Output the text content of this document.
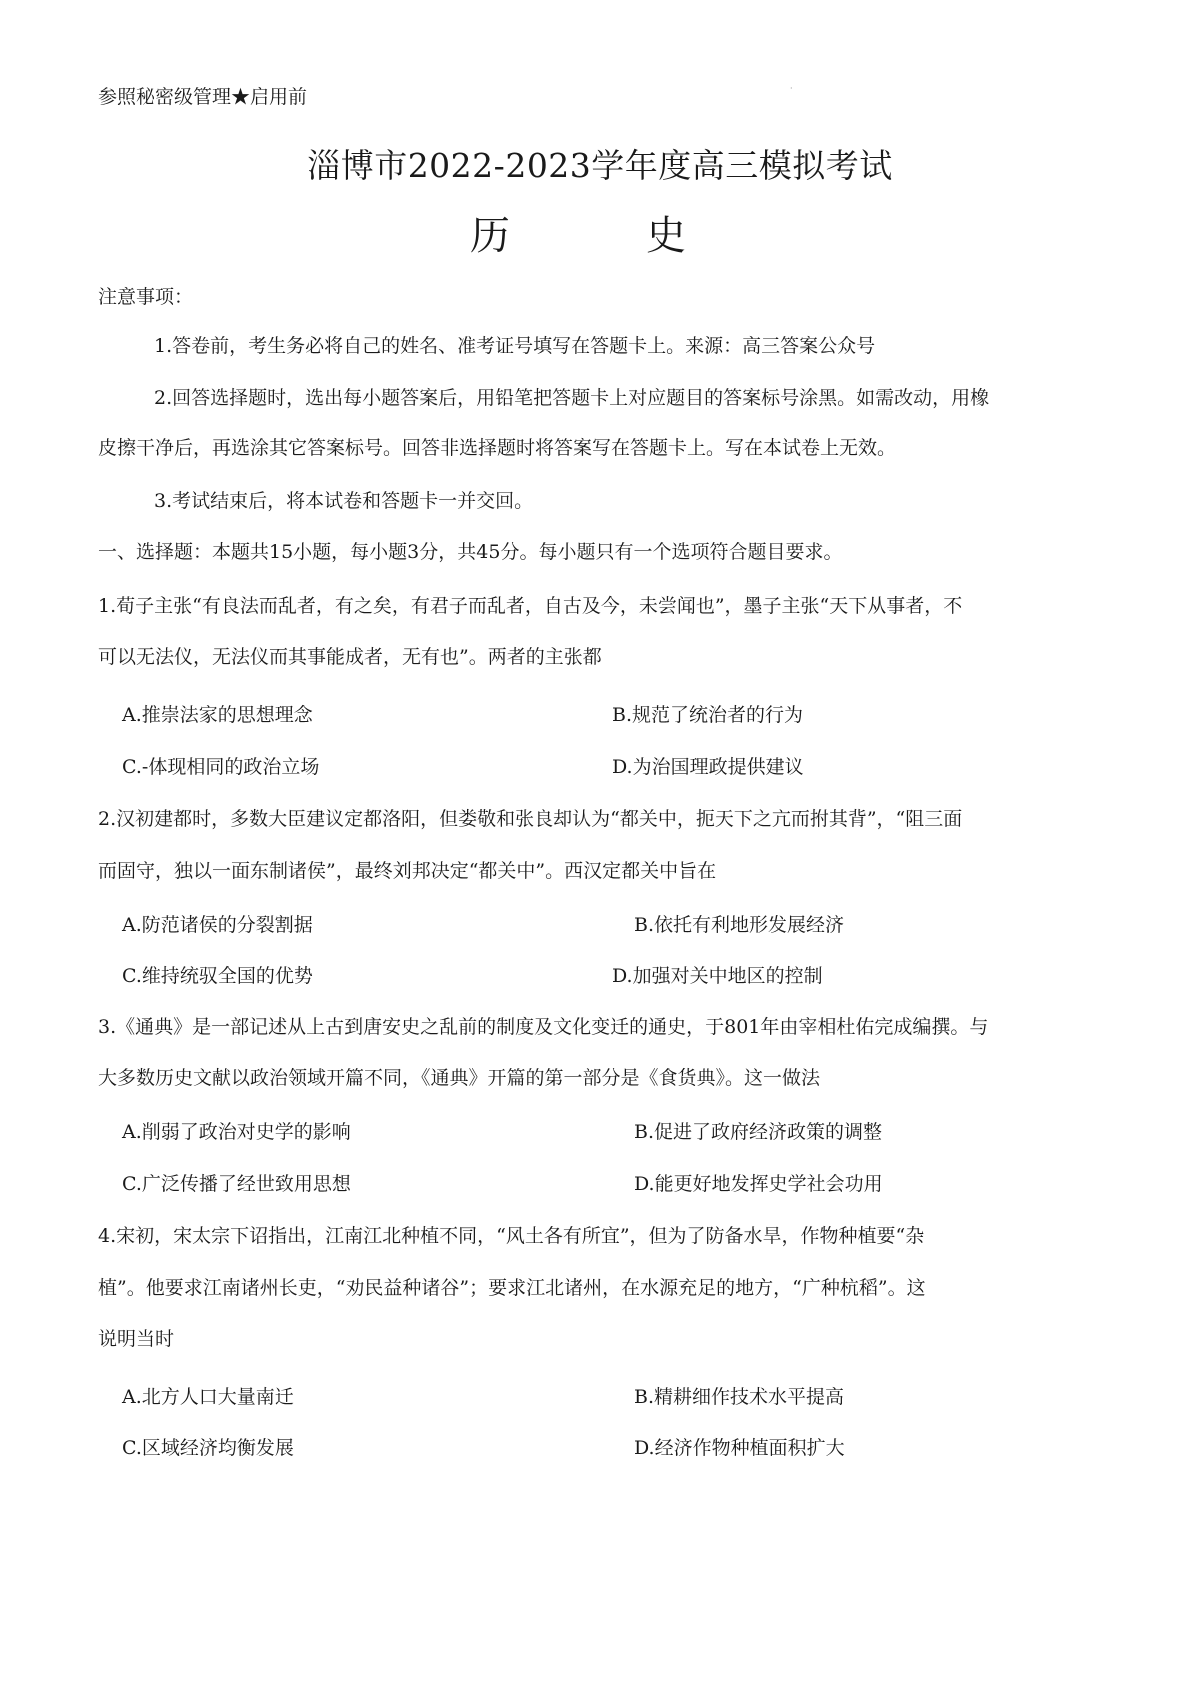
参照秘密级管理★启用前	·
淄博市2022-2023学年度高三模拟考试
历	史
注意事项：
1.答卷前，考生务必将自己的姓名、准考证号填写在答题卡上。来源：高三答案公众号
2.回答选择题时，选出每小题答案后，用铅笔把答题卡上对应题目的答案标号涂黑。如需改动，用橡
皮擦干净后，再选涂其它答案标号。回答非选择题时将答案写在答题卡上。写在本试卷上无效。
3.考试结束后，将本试卷和答题卡一并交回。
一、选择题：本题共15小题，每小题3分，共45分。每小题只有一个选项符合题目要求。
1.荀子主张“有良法而乱者，有之矣，有君子而乱者，自古及今，未尝闻也”，墨子主张“天下从事者，不
可以无法仪，无法仪而其事能成者，无有也”。两者的主张都
A.推崇法家的思想理念	B.规范了统治者的行为
C.-体现相同的政治立场	D.为治国理政提供建议
2.汉初建都时，多数大臣建议定都洛阳，但娄敬和张良却认为“都关中，扼天下之亢而拊其背”，“阻三面
而固守，独以一面东制诸侯”，最终刘邦决定“都关中”。西汉定都关中旨在
A.防范诸侯的分裂割据	B.依托有利地形发展经济
C.维持统驭全国的优势	D.加强对关中地区的控制
3.《通典》是一部记述从上古到唐安史之乱前的制度及文化变迁的通史，于801年由宰相杜佑完成编撰。与
大多数历史文献以政治领域开篇不同，《通典》开篇的第一部分是《食货典》。这一做法
A.削弱了政治对史学的影响	B.促进了政府经济政策的调整
C.广泛传播了经世致用思想	D.能更好地发挥史学社会功用
4.宋初，宋太宗下诏指出，江南江北种植不同，“风土各有所宜”，但为了防备水旱，作物种植要“杂
植”。他要求江南诸州长吏，“劝民益种诸谷”；要求江北诸州，在水源充足的地方，“广种杭稻”。这
说明当时
A.北方人口大量南迁	B.精耕细作技术水平提高
C.区域经济均衡发展	D.经济作物种植面积扩大
